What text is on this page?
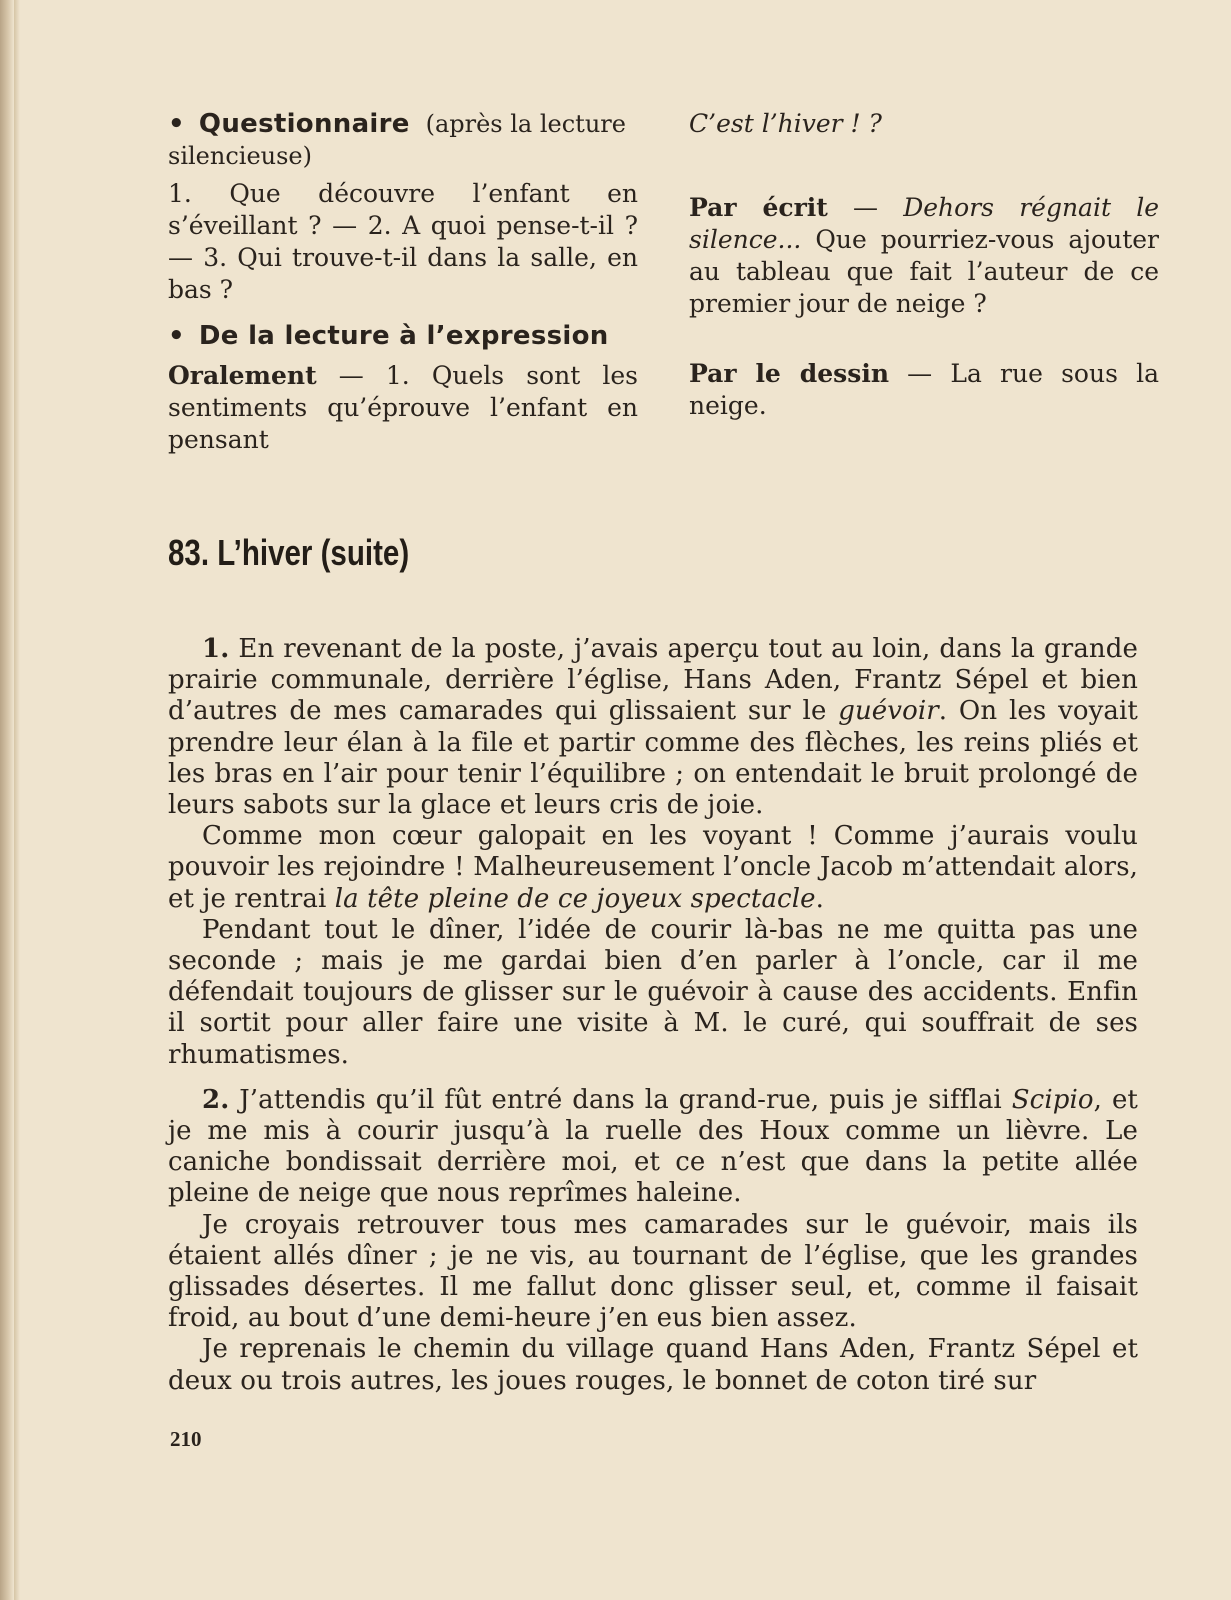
• Questionnaire (après la lecture
silencieuse)

1. Que découvre l’enfant en s’éveillant ? — 2. A quoi pense-t-il ? — 3. Qui trouve-t-il dans la salle, en bas ?

• De la lecture à l’expression

Oralement — 1. Quels sont les sentiments qu’éprouve l’enfant en pensant

C’est l’hiver ! ?

Par écrit — Dehors régnait le silence... Que pourriez-vous ajouter au tableau que fait l’auteur de ce premier jour de neige ?

Par le dessin — La rue sous la neige.

83. L’hiver (suite)

1. En revenant de la poste, j’avais aperçu tout au loin, dans la grande prairie communale, derrière l’église, Hans Aden, Frantz Sépel et bien d’autres de mes camarades qui glissaient sur le guévoir. On les voyait prendre leur élan à la file et partir comme des flèches, les reins pliés et les bras en l’air pour tenir l’équilibre ; on entendait le bruit prolongé de leurs sabots sur la glace et leurs cris de joie.

Comme mon cœur galopait en les voyant ! Comme j’aurais voulu pouvoir les rejoindre ! Malheureusement l’oncle Jacob m’attendait alors, et je rentrai la tête pleine de ce joyeux spectacle.

Pendant tout le dîner, l’idée de courir là-bas ne me quitta pas une seconde ; mais je me gardai bien d’en parler à l’oncle, car il me défendait toujours de glisser sur le guévoir à cause des accidents. Enfin il sortit pour aller faire une visite à M. le curé, qui souffrait de ses rhumatismes.

2. J’attendis qu’il fût entré dans la grand-rue, puis je sifflai Scipio, et je me mis à courir jusqu’à la ruelle des Houx comme un lièvre. Le caniche bondissait derrière moi, et ce n’est que dans la petite allée pleine de neige que nous reprîmes haleine.

Je croyais retrouver tous mes camarades sur le guévoir, mais ils étaient allés dîner ; je ne vis, au tournant de l’église, que les grandes glissades désertes. Il me fallut donc glisser seul, et, comme il faisait froid, au bout d’une demi-heure j’en eus bien assez.

Je reprenais le chemin du village quand Hans Aden, Frantz Sépel et deux ou trois autres, les joues rouges, le bonnet de coton tiré sur

210
